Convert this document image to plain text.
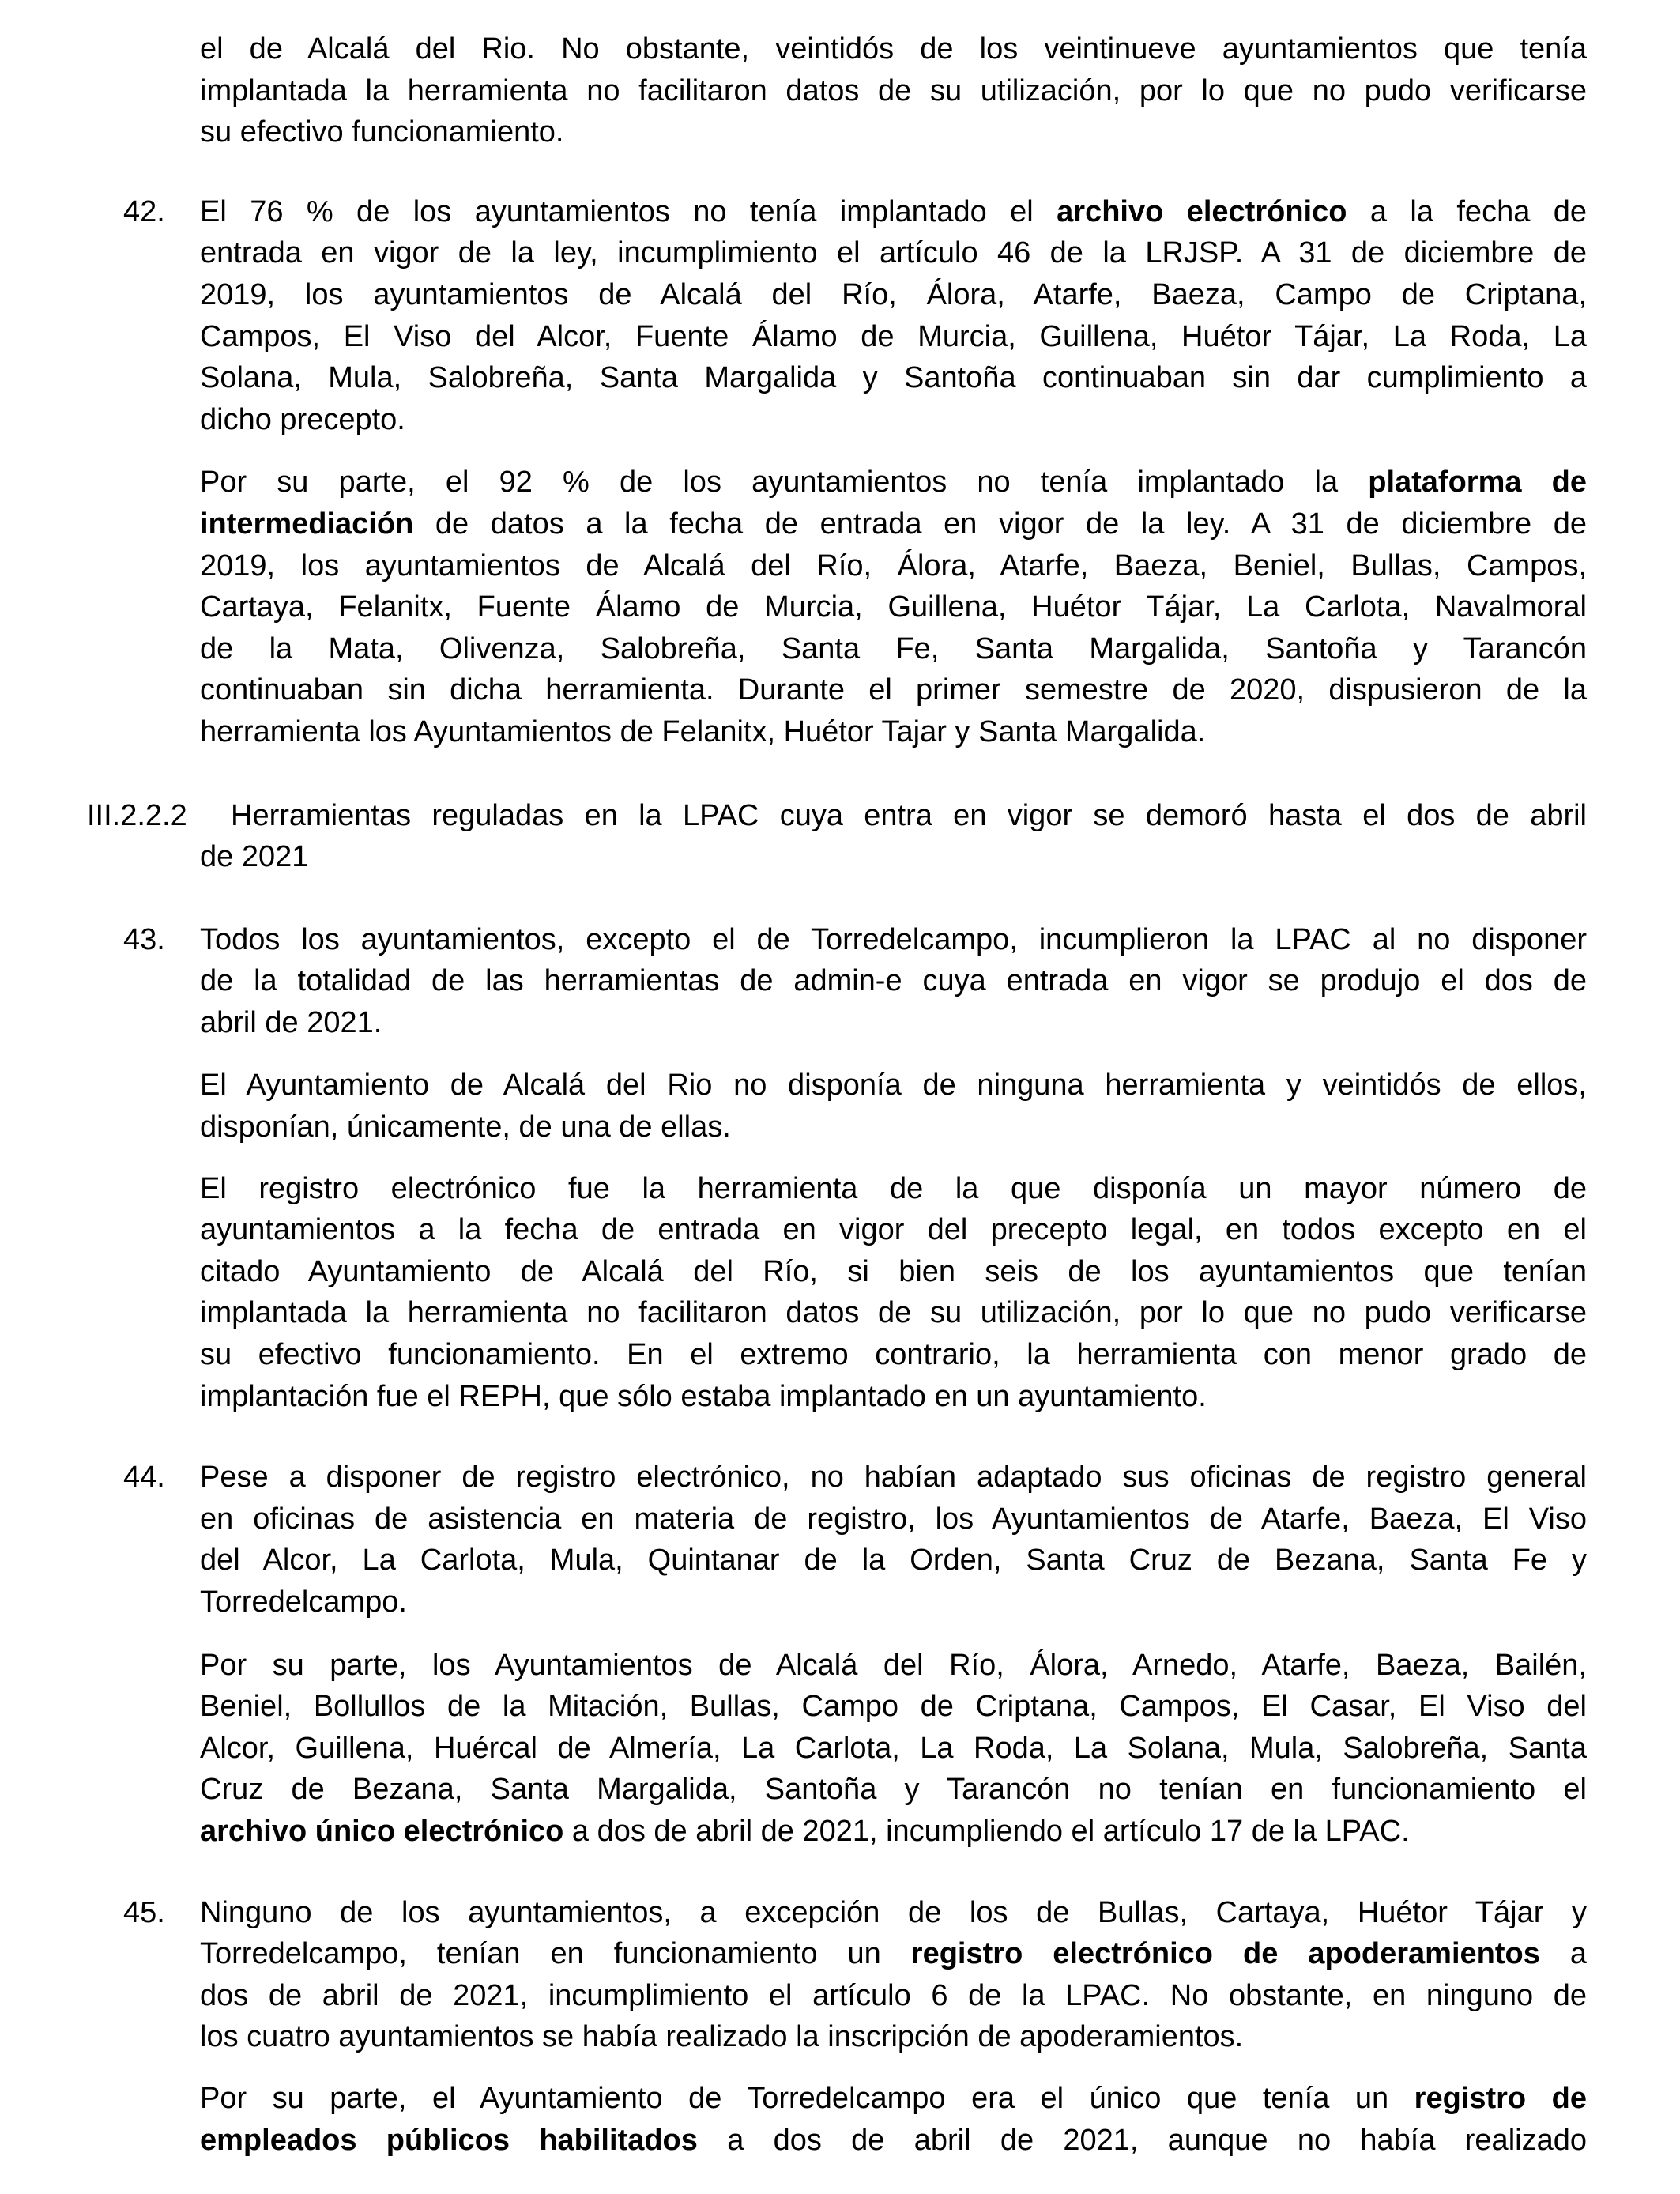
el de Alcalá del Rio. No obstante, veintidós de los veintinueve ayuntamientos que tenía
implantada la herramienta no facilitaron datos de su utilización, por lo que no pudo verificarse
su efectivo funcionamiento.
42. El 76 % de los ayuntamientos no tenía implantado el archivo electrónico a la fecha de
entrada en vigor de la ley, incumplimiento el artículo 46 de la LRJSP. A 31 de diciembre de
2019, los ayuntamientos de Alcalá del Río, Álora, Atarfe, Baeza, Campo de Criptana,
Campos, El Viso del Alcor, Fuente Álamo de Murcia, Guillena, Huétor Tájar, La Roda, La
Solana, Mula, Salobreña, Santa Margalida y Santoña continuaban sin dar cumplimiento a
dicho precepto.
Por su parte, el 92 % de los ayuntamientos no tenía implantado la plataforma de
intermediación de datos a la fecha de entrada en vigor de la ley. A 31 de diciembre de
2019, los ayuntamientos de Alcalá del Río, Álora, Atarfe, Baeza, Beniel, Bullas, Campos,
Cartaya, Felanitx, Fuente Álamo de Murcia, Guillena, Huétor Tájar, La Carlota, Navalmoral
de la Mata, Olivenza, Salobreña, Santa Fe, Santa Margalida, Santoña y Tarancón
continuaban sin dicha herramienta. Durante el primer semestre de 2020, dispusieron de la
herramienta los Ayuntamientos de Felanitx, Huétor Tajar y Santa Margalida.
III.2.2.2 Herramientas reguladas en la LPAC cuya entra en vigor se demoró hasta el dos de abril
de 2021
43. Todos los ayuntamientos, excepto el de Torredelcampo, incumplieron la LPAC al no disponer
de la totalidad de las herramientas de admin-e cuya entrada en vigor se produjo el dos de
abril de 2021.
El Ayuntamiento de Alcalá del Rio no disponía de ninguna herramienta y veintidós de ellos,
disponían, únicamente, de una de ellas.
El registro electrónico fue la herramienta de la que disponía un mayor número de
ayuntamientos a la fecha de entrada en vigor del precepto legal, en todos excepto en el
citado Ayuntamiento de Alcalá del Río, si bien seis de los ayuntamientos que tenían
implantada la herramienta no facilitaron datos de su utilización, por lo que no pudo verificarse
su efectivo funcionamiento. En el extremo contrario, la herramienta con menor grado de
implantación fue el REPH, que sólo estaba implantado en un ayuntamiento.
44. Pese a disponer de registro electrónico, no habían adaptado sus oficinas de registro general
en oficinas de asistencia en materia de registro, los Ayuntamientos de Atarfe, Baeza, El Viso
del Alcor, La Carlota, Mula, Quintanar de la Orden, Santa Cruz de Bezana, Santa Fe y
Torredelcampo.
Por su parte, los Ayuntamientos de Alcalá del Río, Álora, Arnedo, Atarfe, Baeza, Bailén,
Beniel, Bollullos de la Mitación, Bullas, Campo de Criptana, Campos, El Casar, El Viso del
Alcor, Guillena, Huércal de Almería, La Carlota, La Roda, La Solana, Mula, Salobreña, Santa
Cruz de Bezana, Santa Margalida, Santoña y Tarancón no tenían en funcionamiento el
archivo único electrónico a dos de abril de 2021, incumpliendo el artículo 17 de la LPAC.
45. Ninguno de los ayuntamientos, a excepción de los de Bullas, Cartaya, Huétor Tájar y
Torredelcampo, tenían en funcionamiento un registro electrónico de apoderamientos a
dos de abril de 2021, incumplimiento el artículo 6 de la LPAC. No obstante, en ninguno de
los cuatro ayuntamientos se había realizado la inscripción de apoderamientos.
Por su parte, el Ayuntamiento de Torredelcampo era el único que tenía un registro de
empleados públicos habilitados a dos de abril de 2021, aunque no había realizado
